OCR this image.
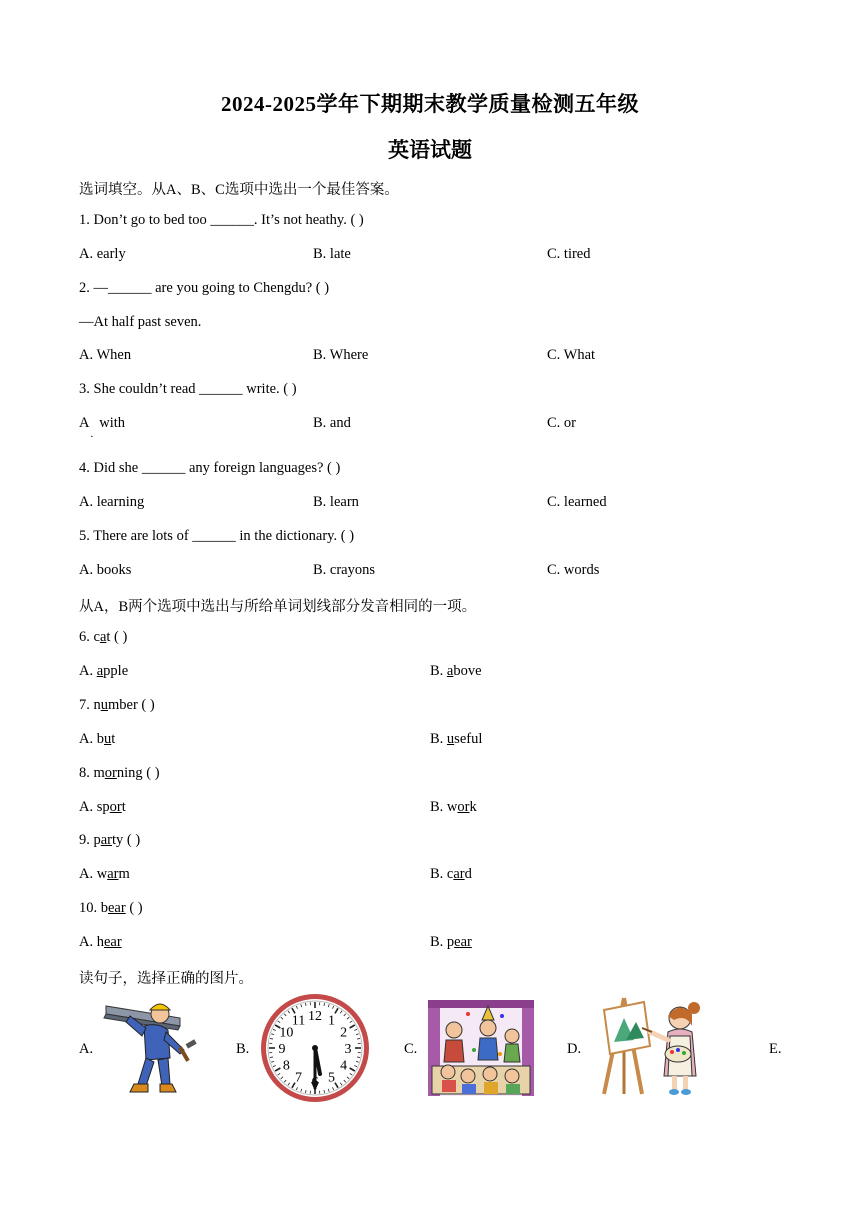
2024-2025学年下期期末教学质量检测五年级
英语试题
选词填空。从A、B、C选项中选出一个最佳答案。
1. Don’t go to bed too ______. It’s not heathy. ( )
A. early	B. late	C. tired
2. —______ are you going to Chengdu? ( )
—At half past seven.
A. When	B. Where	C. What
3. She couldn’t read ______ write. ( )
$A_.with$	B. and	C. or
4. Did she ______ any foreign languages? ( )
A. learning	B. learn	C. learned
5. There are lots of ______ in the dictionary. ( )
A. books	B. crayons	C. words
从A，B两个选项中选出与所给单词划线部分发音相同的一项。
6. cat ( )
A. apple	B. above
7. number ( )
A. but	B. useful
8. morning ( )
A. sport	B. work
9. party ( )
A. warm	B. card
10. bear ( )
A. hear	B. pear
读句子，选择正确的图片。
A.	B.
12 1
2
3
4
5
7
8
9
10
11
C.	D.	E.
